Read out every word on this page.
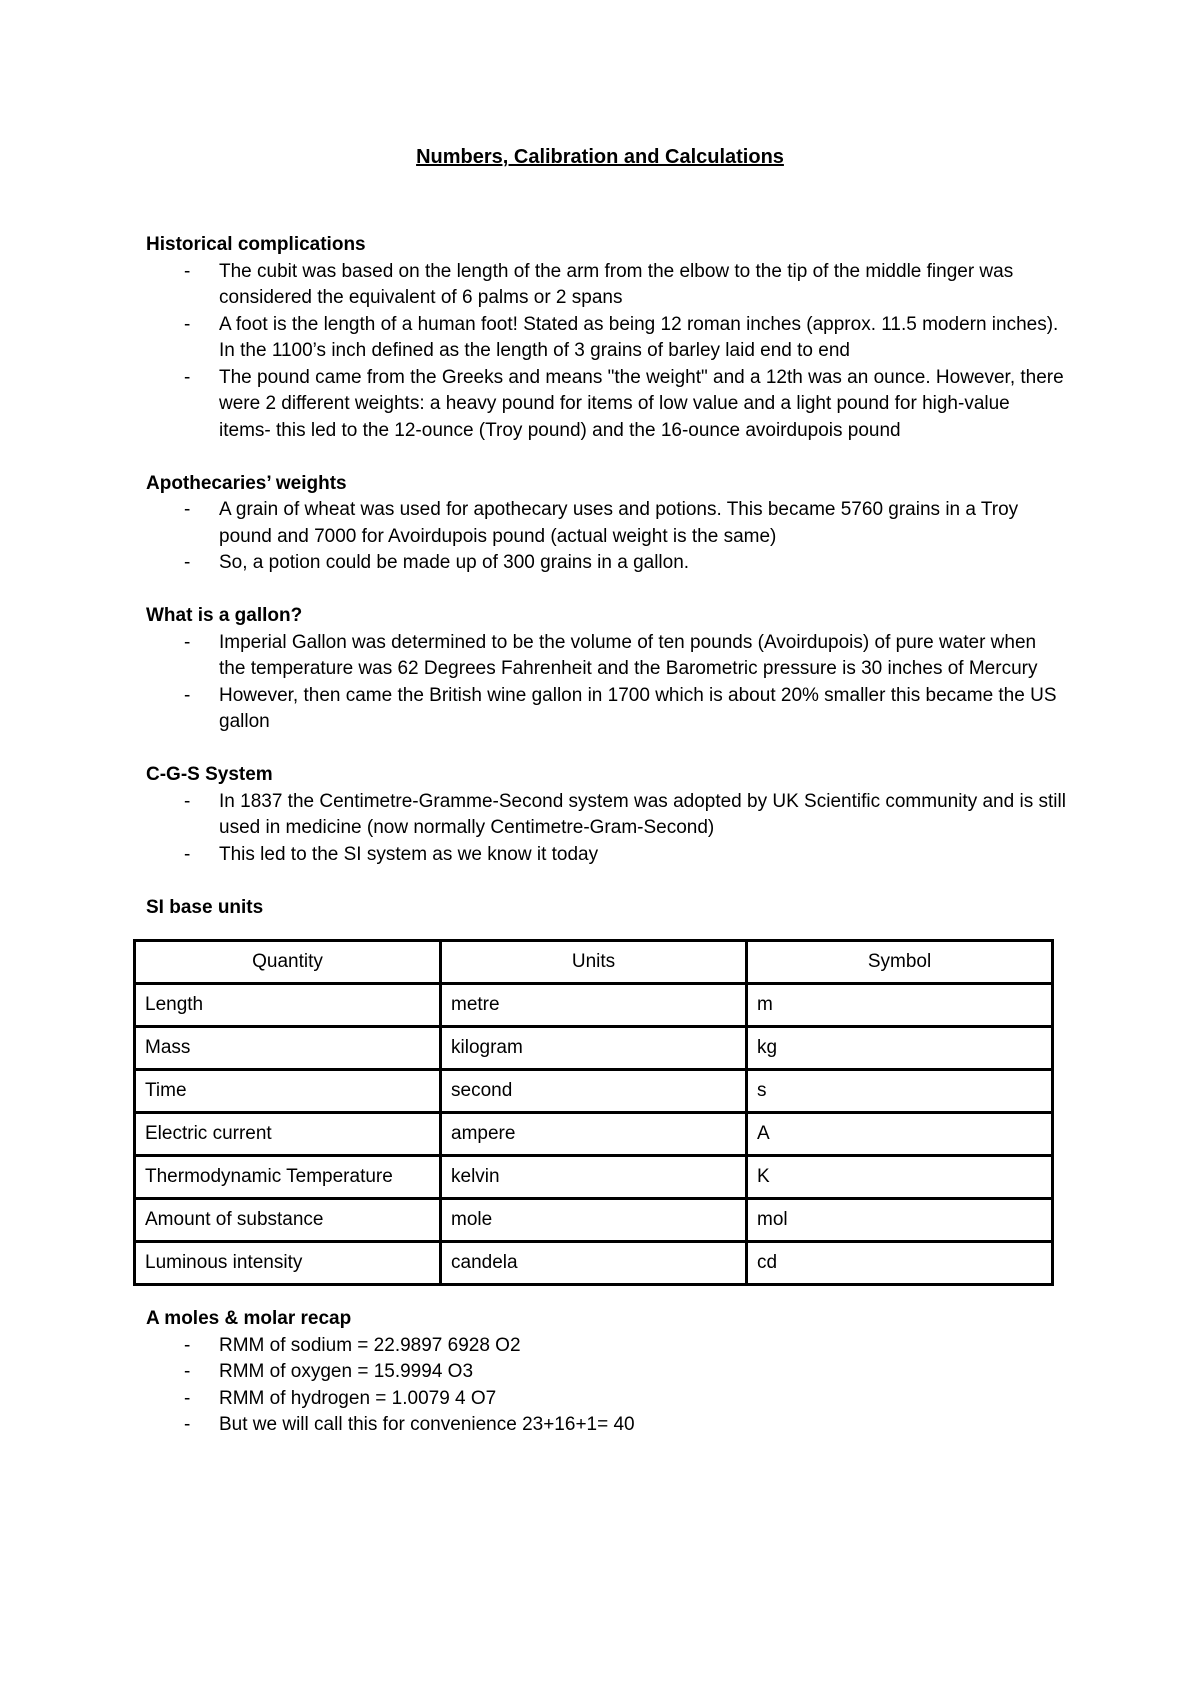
Numbers, Calibration and Calculations
Historical complications
- The cubit was based on the length of the arm from the elbow to the tip of the middle finger was considered the equivalent of 6 palms or 2 spans
- A foot is the length of a human foot! Stated as being 12 roman inches (approx. 11.5 modern inches). In the 1100’s inch defined as the length of 3 grains of barley laid end to end
- The pound came from the Greeks and means "the weight" and a 12th was an ounce. However, there were 2 different weights: a heavy pound for items of low value and a light pound for high-value items- this led to the 12-ounce (Troy pound) and the 16-ounce avoirdupois pound
Apothecaries’ weights
- A grain of wheat was used for apothecary uses and potions. This became 5760 grains in a Troy pound and 7000 for Avoirdupois pound (actual weight is the same)
- So, a potion could be made up of 300 grains in a gallon.
What is a gallon?
- Imperial Gallon was determined to be the volume of ten pounds (Avoirdupois) of pure water when the temperature was 62 Degrees Fahrenheit and the Barometric pressure is 30 inches of Mercury
- However, then came the British wine gallon in 1700 which is about 20% smaller this became the US gallon
C-G-S System
- In 1837 the Centimetre-Gramme-Second system was adopted by UK Scientific community and is still used in medicine (now normally Centimetre-Gram-Second)
- This led to the SI system as we know it today
SI base units
Quantity	Units	Symbol
Length	metre	m
Mass	kilogram	kg
Time	second	s
Electric current	ampere	A
Thermodynamic Temperature	kelvin	K
Amount of substance	mole	mol
Luminous intensity	candela	cd
A moles & molar recap
- RMM of sodium = 22.9897 6928 O2
- RMM of oxygen = 15.9994 O3
- RMM of hydrogen = 1.0079 4 O7
- But we will call this for convenience 23+16+1= 40
